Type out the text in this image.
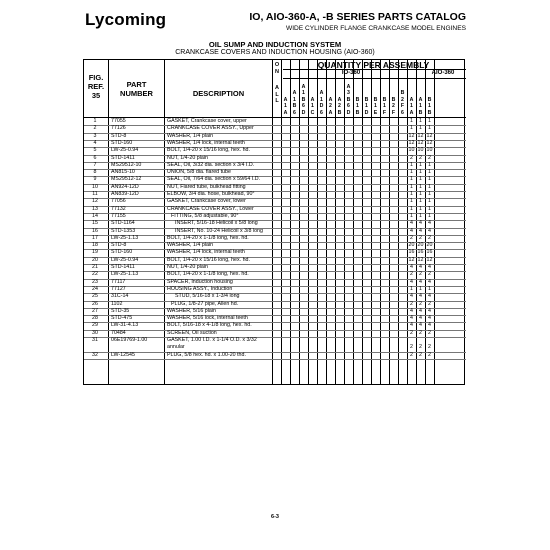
Lycoming	IO, AIO-360-A, -B SERIES PARTS CATALOG
WIDE CYLINDER FLANGE CRANKCASE MODEL ENGINES
OIL SUMP AND INDUCTION SYSTEM
CRANKCASE COVERS AND INDUCTION HOUSING (AIO-360)
FIG.
REF.
35
PART
NUMBER	DESCRIPTION
O
N
A
L
L
QUANTITY PER ASSEMBLY
IO-360	AIO-360
6-3
A
1
A
A
1
B
6
A
1
B
6
D
A
1
C
A
1
D
6
A
2
A
A
2
B
A
3
B
6
D
B
1
B
B
1
D
B
1
E
B
1
F
B
2
F
B
2
F
6
A
1
A
A
1
B
B
1
B
1	77055	GASKET, Crankcase cover, upper	1	1	1
2	77126	CRANKCASE COVER ASSY., Upper	1	1	1
3	STD-8	WASHER, 1/4 plain	12 12 12
4	STD-160	WASHER, 1/4 lock, internal teeth	12 12 12
5	LW-25-0.94	BOLT, 1/4-20 x 15/16 long, hex. hd.	10 10 10
6	STD-1411	NUT, 1/4-20 plain	2	2	2
7	MS29512-10	SEAL, Oil, 3/32 dia. section x 3/4 I.D.	1	1	1
8	AN815-10	UNION, 5/8 dia. flared tube	1	1	1
9	MS29512-12	SEAL, Oil, 7/64 dia. section x 59/64 I.D.	1	1	1
10	AN924-12D	NUT, Flared tube, bulkhead fitting	1	1	1
11	AN839-12D	ELBOW, 3/4 dia. hose, bulkhead, 90°	1	1	1
12	77056	GASKET, Crankcase cover, lower	1	1	1
13	77132	CRANKCASE COVER ASSY., Lower	1	1	1
14	77155	FITTING, 5/8 adjustable, 90°	1	1	1
15	STD-1164	INSERT, 5/16-18 Helicoil x 5/8 long	4	4	4
16	STD-1353	INSERT, No. 10-24 Helicoil x 3/8 long	4	4	4
17	LW-25-1.13	BOLT, 1/4-20 x 1-1/8 long, hex. hd.	2	2	2
18	STD-8	WASHER, 1/4 plain	20 20 20
19	STD-160	WASHER, 1/4 lock, internal teeth	16 16 16
20	LW-25-0.94	BOLT, 1/4-20 x 15/16 long, hex. hd.	12 12 12
21	STD-1411	NUT, 1/4-20 plain	4	4	4
22	LW-25-1.13	BOLT, 1/4-20 x 1-1/8 long, hex. hd.	2	2	2
23	77117	SPACER, Induction housing	4	4	4
24	77127	HOUSING ASSY., Induction	1	1	1
25	31C-14	STUD, 5/16-18 x 1-3/4 long	4	4	4
26	1102	PLUG, 1/8-27 pipe, Allen hd.	2	2	2
27	STD-35	WASHER, 5/16 plain	4	4	4
28	STD-475	WASHER, 5/16 lock, internal teeth	4	4	4
29	LW-31-4.13	BOLT, 5/16-18 x 4-1/8 long, hex. hd.	4	4	4
30	70484	SCREEN, Oil suction	2	2	2
31	06E19769-1.00	GASKET, 1.00 I.D. x 1-1/4 O.D. x 3/32
annular	2	2	2
32	LW-12545	PLUG, 5/8 hex. hd. x 1.00-20 thd.	2	2	2
